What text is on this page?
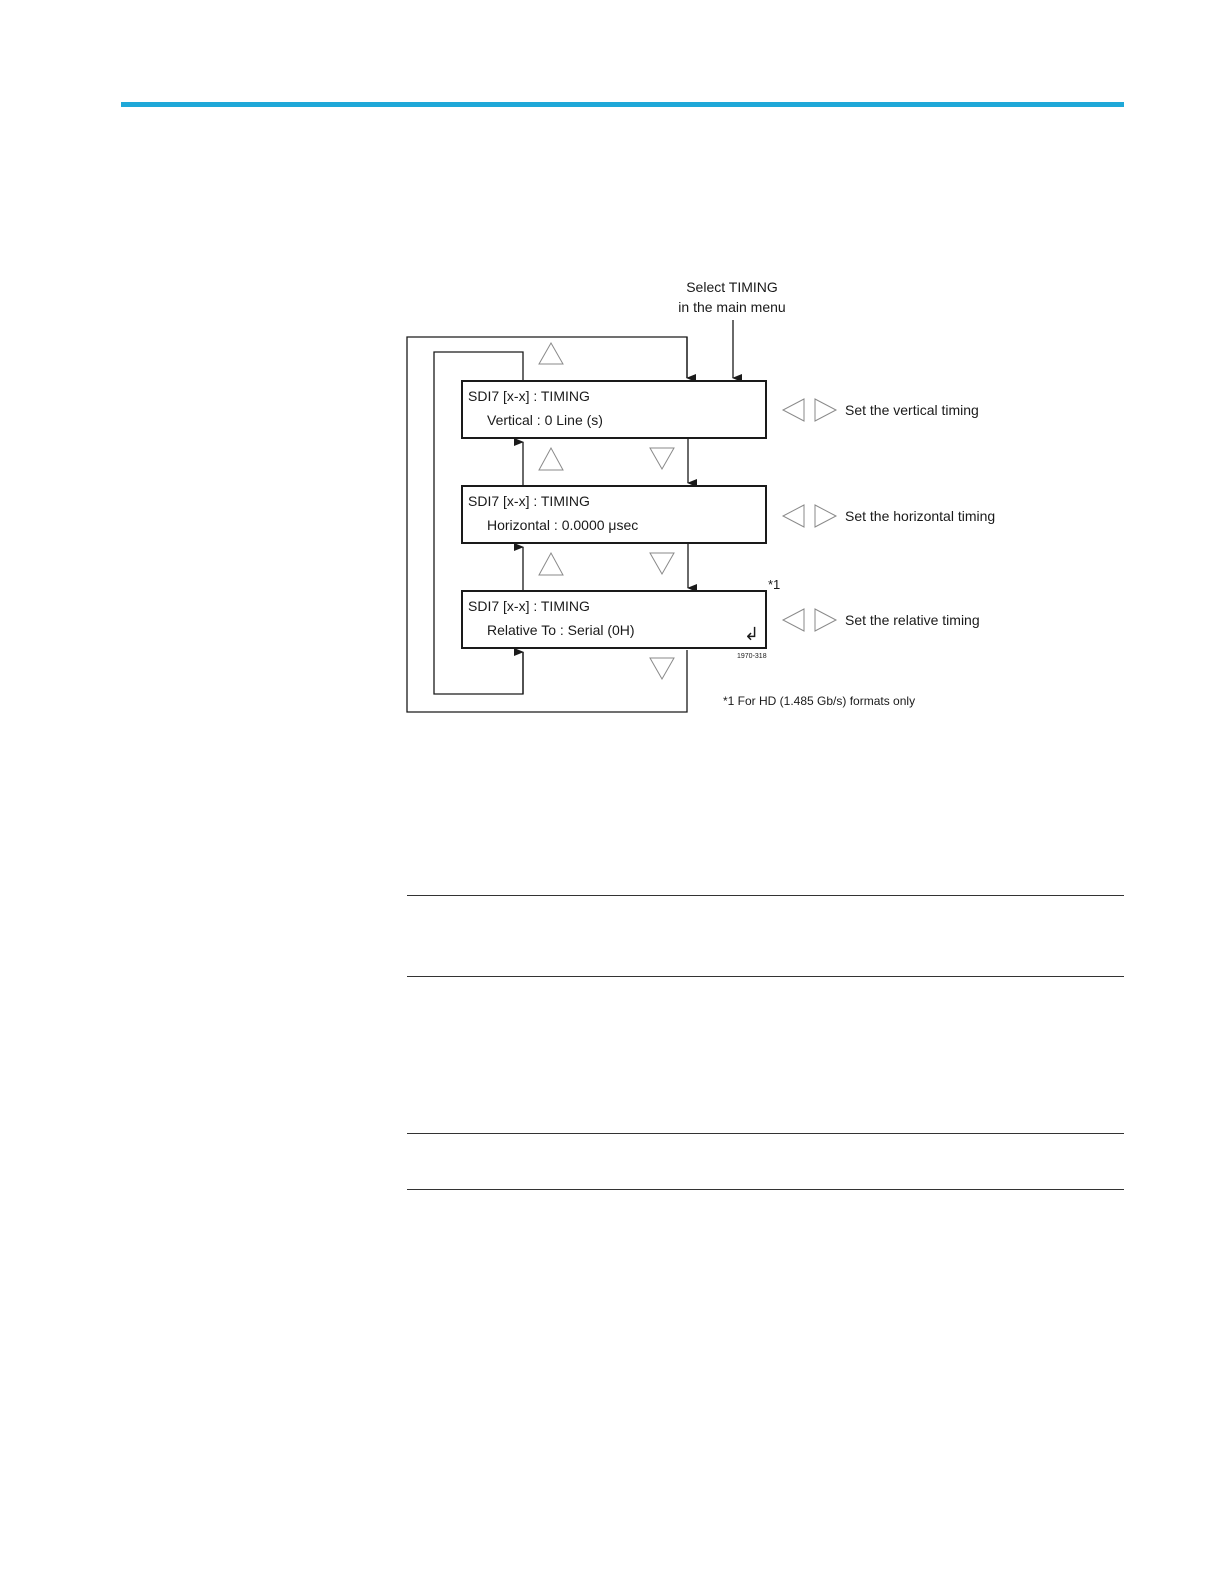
Select TIMING
in the main menu
SDI7 [x-x] : TIMING
Vertical : 0 Line (s)
SDI7 [x-x] : TIMING
Horizontal : 0.0000 μsec
SDI7 [x-x] : TIMING
Relative To : Serial (0H)	↲
*1
1970-318
Set the vertical timing
Set the horizontal timing
Set the relative timing
*1 For HD (1.485 Gb/s) formats only
